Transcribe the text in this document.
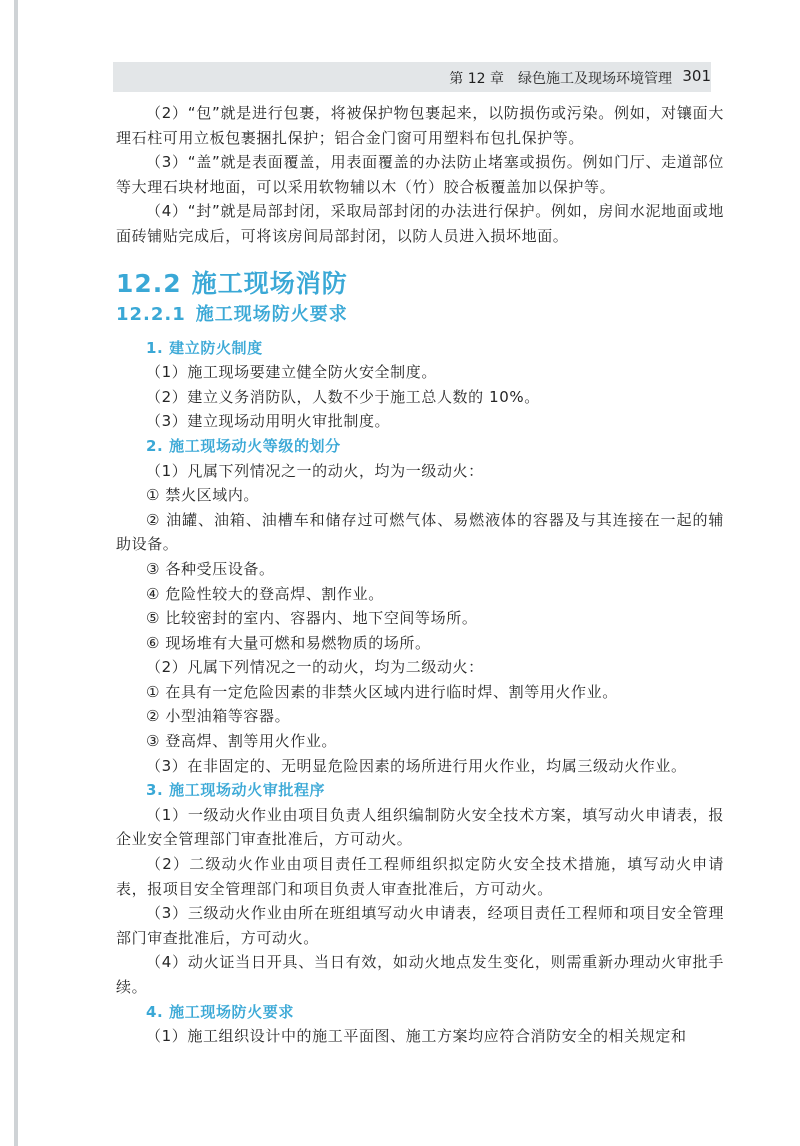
第 12 章　绿色施工及现场环境管理 301

（2）“包”就是进行包裹，将被保护物包裹起来，以防损伤或污染。例如，对镶面大理石柱可用立板包裹捆扎保护；铝合金门窗可用塑料布包扎保护等。

（3）“盖”就是表面覆盖，用表面覆盖的办法防止堵塞或损伤。例如门厅、走道部位等大理石块材地面，可以采用软物辅以木（竹）胶合板覆盖加以保护等。

（4）“封”就是局部封闭，采取局部封闭的办法进行保护。例如，房间水泥地面或地面砖铺贴完成后，可将该房间局部封闭，以防人员进入损坏地面。

12.2 施工现场消防
12.2.1 施工现场防火要求
1. 建立防火制度

（1）施工现场要建立健全防火安全制度。

（2）建立义务消防队，人数不少于施工总人数的 10%。

（3）建立现场动用明火审批制度。

2. 施工现场动火等级的划分

（1）凡属下列情况之一的动火，均为一级动火：

① 禁火区域内。

② 油罐、油箱、油槽车和储存过可燃气体、易燃液体的容器及与其连接在一起的辅助设备。

③ 各种受压设备。

④ 危险性较大的登高焊、割作业。

⑤ 比较密封的室内、容器内、地下空间等场所。

⑥ 现场堆有大量可燃和易燃物质的场所。

（2）凡属下列情况之一的动火，均为二级动火：

① 在具有一定危险因素的非禁火区域内进行临时焊、割等用火作业。

② 小型油箱等容器。

③ 登高焊、割等用火作业。

（3）在非固定的、无明显危险因素的场所进行用火作业，均属三级动火作业。

3. 施工现场动火审批程序

（1）一级动火作业由项目负责人组织编制防火安全技术方案，填写动火申请表，报企业安全管理部门审查批准后，方可动火。

（2）二级动火作业由项目责任工程师组织拟定防火安全技术措施，填写动火申请表，报项目安全管理部门和项目负责人审查批准后，方可动火。

（3）三级动火作业由所在班组填写动火申请表，经项目责任工程师和项目安全管理部门审查批准后，方可动火。

（4）动火证当日开具、当日有效，如动火地点发生变化，则需重新办理动火审批手续。

4. 施工现场防火要求

（1）施工组织设计中的施工平面图、施工方案均应符合消防安全的相关规定和
